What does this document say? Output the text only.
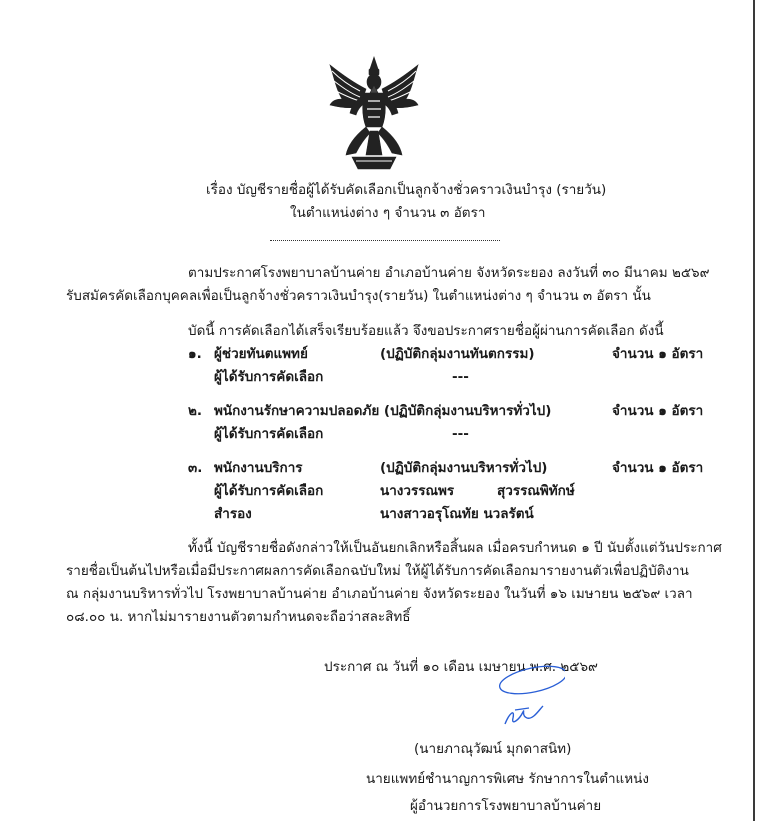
เรื่อง บัญชีรายชื่อผู้ได้รับคัดเลือกเป็นลูกจ้างชั่วคราวเงินบำรุง (รายวัน)
ในตำแหน่งต่าง ๆ จำนวน ๓ อัตรา
ตามประกาศโรงพยาบาลบ้านค่าย อำเภอบ้านค่าย จังหวัดระยอง ลงวันที่ ๓๐ มีนาคม ๒๕๖๙
รับสมัครคัดเลือกบุคคลเพื่อเป็นลูกจ้างชั่วคราวเงินบำรุง(รายวัน) ในตำแหน่งต่าง ๆ จำนวน ๓ อัตรา นั้น
บัดนี้ การคัดเลือกได้เสร็จเรียบร้อยแล้ว จึงขอประกาศรายชื่อผู้ผ่านการคัดเลือก ดังนี้
๑. ผู้ช่วยทันตแพทย์	(ปฏิบัติกลุ่มงานทันตกรรม)	จำนวน ๑ อัตรา
ผู้ได้รับการคัดเลือก	---
๒. พนักงานรักษาความปลอดภัย (ปฏิบัติกลุ่มงานบริหารทั่วไป)	จำนวน ๑ อัตรา
ผู้ได้รับการคัดเลือก	---
๓. พนักงานบริการ	(ปฏิบัติกลุ่มงานบริหารทั่วไป)	จำนวน ๑ อัตรา
ผู้ได้รับการคัดเลือก	นางวรรณพร	สุวรรณพิทักษ์
สำรอง	นางสาวอรุโณทัย นวลรัตน์
ทั้งนี้ บัญชีรายชื่อดังกล่าวให้เป็นอันยกเลิกหรือสิ้นผล เมื่อครบกำหนด ๑ ปี นับตั้งแต่วันประกาศ
รายชื่อเป็นต้นไปหรือเมื่อมีประกาศผลการคัดเลือกฉบับใหม่ ให้ผู้ได้รับการคัดเลือกมารายงานตัวเพื่อปฏิบัติงาน
ณ กลุ่มงานบริหารทั่วไป โรงพยาบาลบ้านค่าย อำเภอบ้านค่าย จังหวัดระยอง ในวันที่ ๑๖ เมษายน ๒๕๖๙ เวลา
๐๘.๐๐ น. หากไม่มารายงานตัวตามกำหนดจะถือว่าสละสิทธิ์
ประกาศ ณ วันที่ ๑๐ เดือน เมษายน พ.ศ. ๒๕๖๙
(นายภาณุวัฒน์ มุกดาสนิท)
นายแพทย์ชำนาญการพิเศษ รักษาการในตำแหน่ง
ผู้อำนวยการโรงพยาบาลบ้านค่าย
